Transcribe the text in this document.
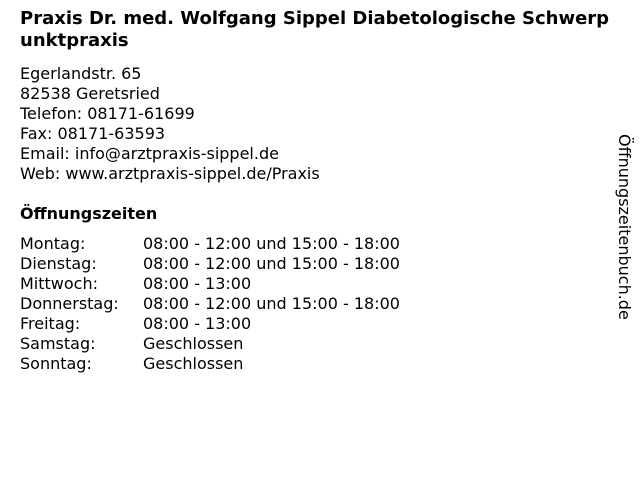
Praxis Dr. med. Wolfgang Sippel Diabetologische Schwerpunktpraxis
Egerlandstr. 65
82538 Geretsried
Telefon: 08171-61699
Fax: 08171-63593
Email: info@arztpraxis-sippel.de
Web: www.arztpraxis-sippel.de/Praxis
Öffnungszeiten
Montag:	08:00 - 12:00 und 15:00 - 18:00
Dienstag:	08:00 - 12:00 und 15:00 - 18:00
Mittwoch:	08:00 - 13:00
Donnerstag: 08:00 - 12:00 und 15:00 - 18:00
Freitag:	08:00 - 13:00
Samstag:	Geschlossen
Sonntag:	Geschlossen
Öffnungszeitenbuch.de
